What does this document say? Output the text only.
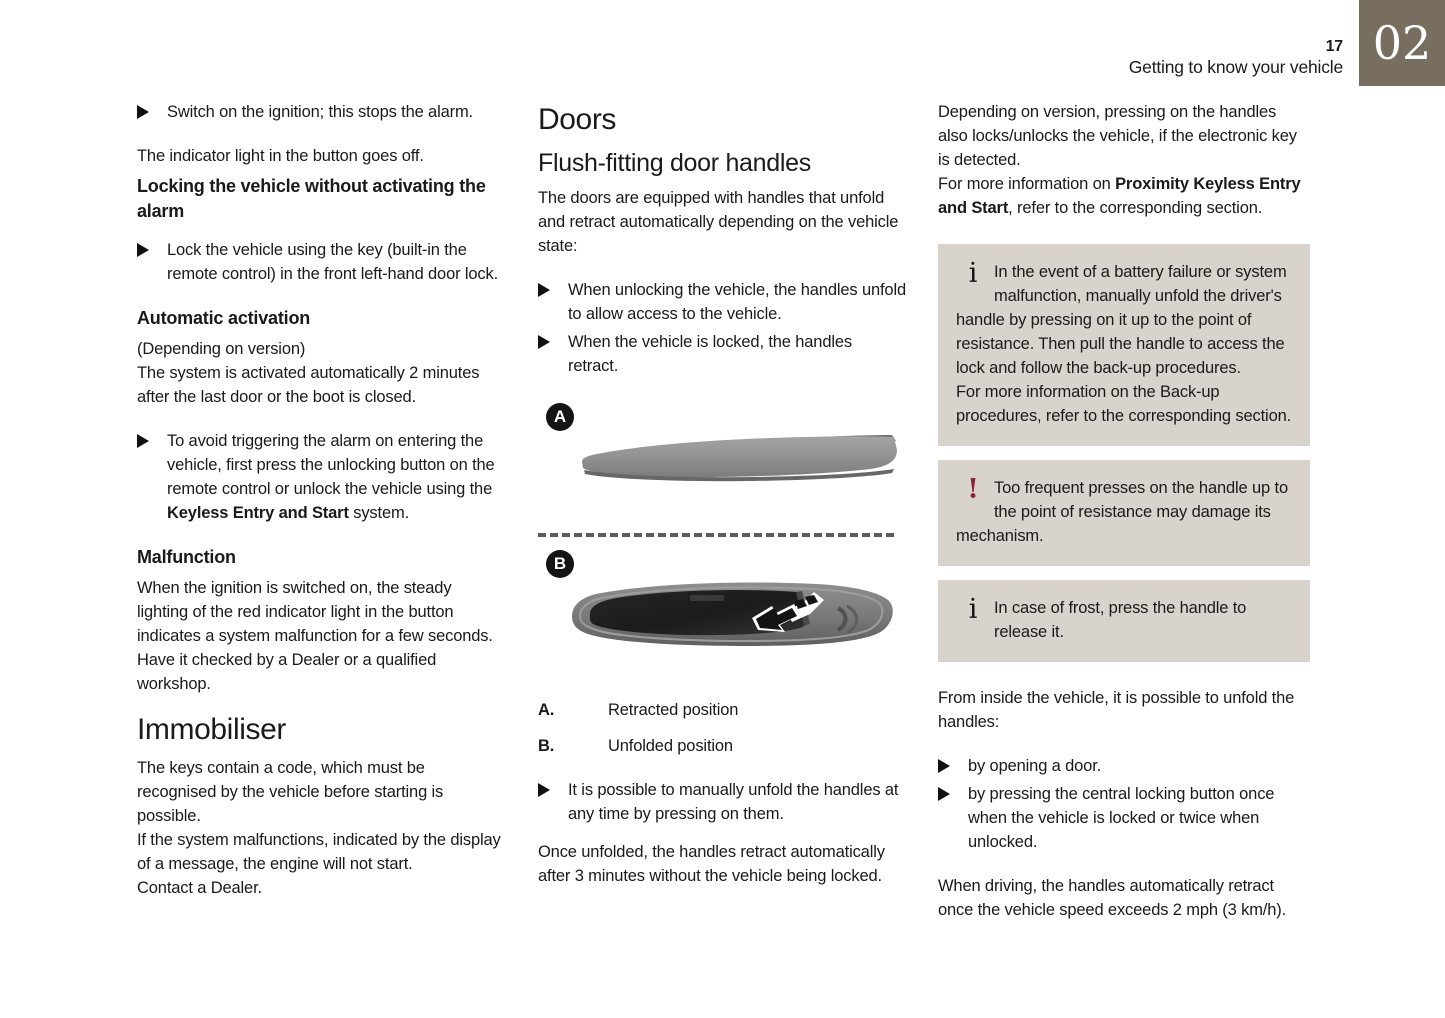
17
Getting to know your vehicle 02
Switch on the ignition; this stops the alarm.

The indicator light in the button goes off.

Locking the vehicle without activating the alarm
Lock the vehicle using the key (built-in the remote control) in the front left-hand door lock.
Automatic activation

(Depending on version)

The system is activated automatically 2 minutes after the last door or the boot is closed.

To avoid triggering the alarm on entering the vehicle, first press the unlocking button on the remote control or unlock the vehicle using the Keyless Entry and Start system.
Malfunction

When the ignition is switched on, the steady lighting of the red indicator light in the button indicates a system malfunction for a few seconds.

Have it checked by a Dealer or a qualified workshop.

Immobiliser

The keys contain a code, which must be recognised by the vehicle before starting is possible.

If the system malfunctions, indicated by the display of a message, the engine will not start.

Contact a Dealer.

Doors
Flush-fitting door handles

The doors are equipped with handles that unfold and retract automatically depending on the vehicle state:

When unlocking the vehicle, the handles unfold to allow access to the vehicle.
When the vehicle is locked, the handles retract.
A
B
A.	Retracted position
B.	Unfolded position
It is possible to manually unfold the handles at any time by pressing on them.

Once unfolded, the handles retract automatically after 3 minutes without the vehicle being locked.

Depending on version, pressing on the handles also locks/unlocks the vehicle, if the electronic key is detected.

For more information on Proximity Keyless Entry and Start, refer to the corresponding section.

i	In the event of a battery failure or system malfunction, manually unfold the driver's handle by pressing on it up to the point of resistance. Then pull the handle to access the lock and follow the back-up procedures.
For more information on the Back-up procedures, refer to the corresponding section.
! Too frequent presses on the handle up to the point of resistance may damage its mechanism.
i	In case of frost, press the handle to release it.

From inside the vehicle, it is possible to unfold the handles:

by opening a door.
by pressing the central locking button once when the vehicle is locked or twice when unlocked.

When driving, the handles automatically retract once the vehicle speed exceeds 2 mph (3 km/h).
